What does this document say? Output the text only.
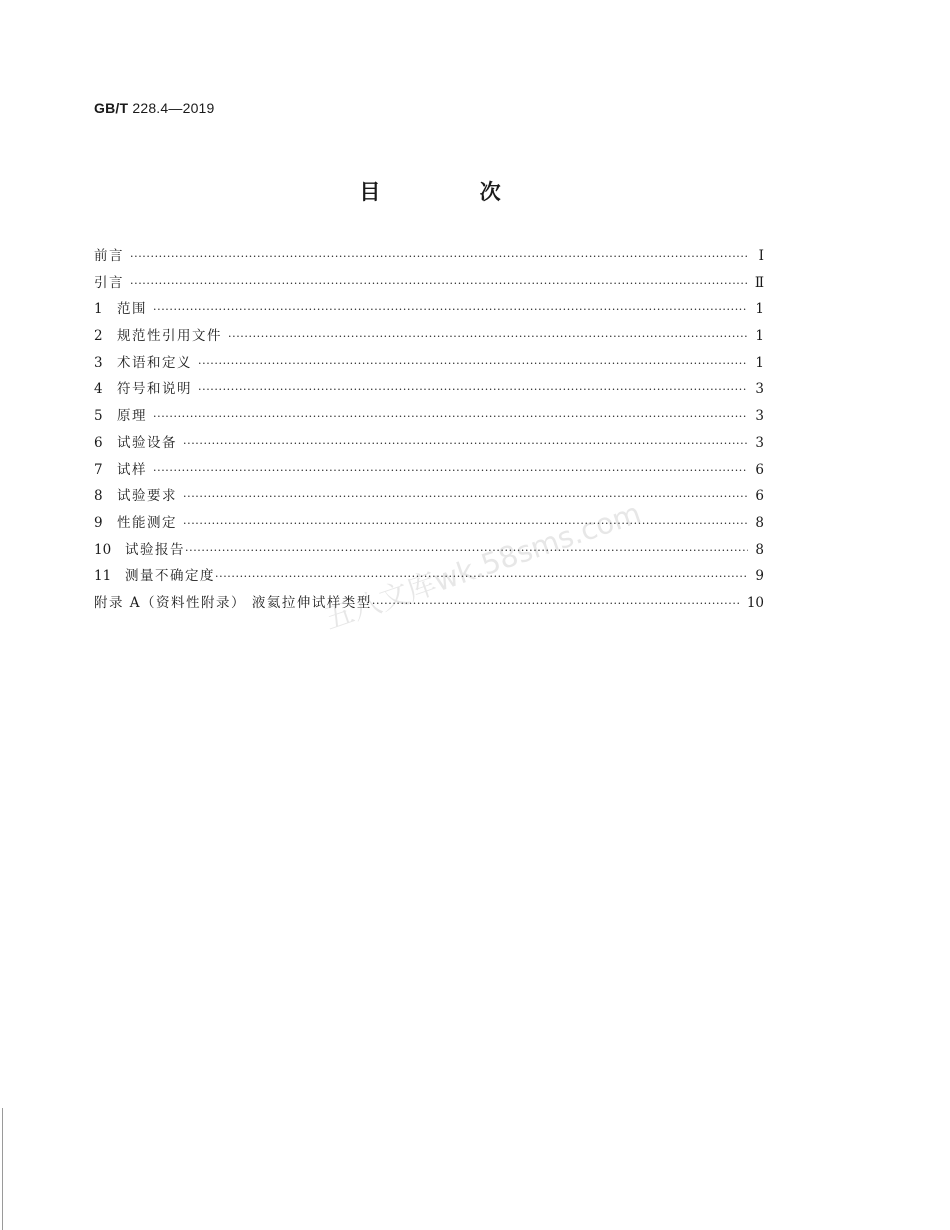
GB/T 228.4—2019
目 次
前言 ·····	Ⅰ
引言 ·····	Ⅱ
1	范围 ·····	1
2	规范性引用文件 ·····	1
3	术语和定义 ·····	1
4	符号和说明 ·····	3
5	原理 ·····	3
6	试验设备 ·····	3
7	试样 ·····	6
8	试验要求 ·····	6
9	性能测定 ·····	8
10	试验报告 ·····	8
11	测量不确定度 ·····	9
附录 A（资料性附录） 液氦拉伸试样类型 ·····	10
五八文库wk.58sms.com
